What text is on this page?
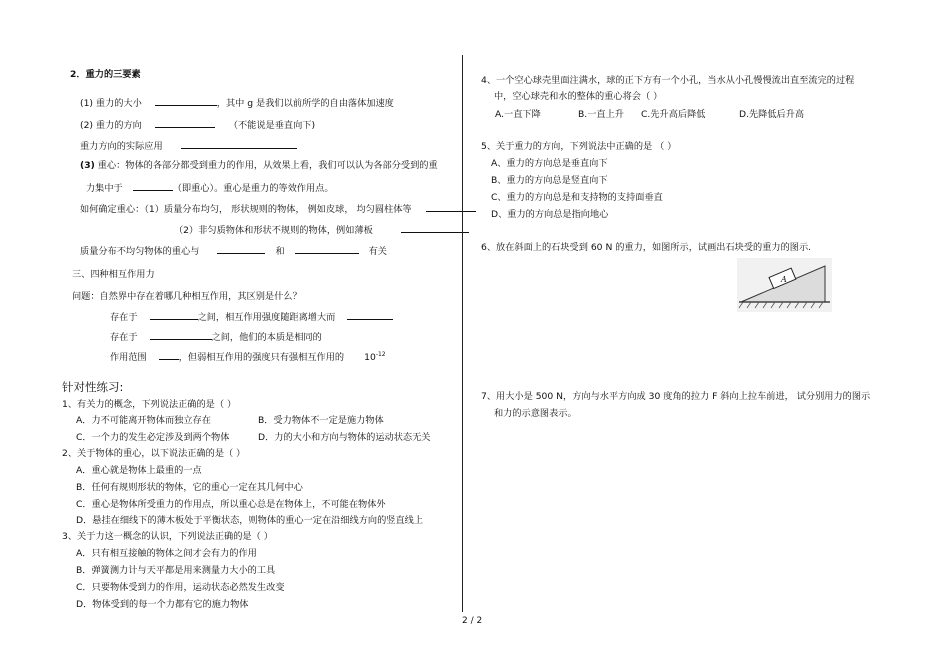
2．重力的三要素
(1) 重力的大小	，其中 g 是我们以前所学的自由落体加速度
(2) 重力的方向	（不能说是垂直向下)
重力方向的实际应用
(3) 重心：物体的各部分都受到重力的作用，从效果上看，我们可以认为各部分受到的重
力集中于	（即重心）。重心是重力的等效作用点。
如何确定重心：（1）质量分布均匀， 形状规则的物体， 例如皮球， 均匀圆柱体等
（2）非匀质物体和形状不规则的物体，例如薄板
质量分布不均匀物体的重心与	和	有关
三、四种相互作用力
问题：自然界中存在着哪几种相互作用，其区别是什么？
存在于	之间，相互作用强度随距离增大而
存在于	之间，他们的本质是相同的
作用范围	，但弱相互作用的强度只有强相互作用的 $10^{-12}$
针对性练习:
1、有关力的概念，下列说法正确的是（ ）
A．力不可能离开物体而独立存在	B．受力物体不一定是施力物体
C．一个力的发生必定涉及到两个物体	D．力的大小和方向与物体的运动状态无关
2、关于物体的重心，以下说法正确的是（ ）
A．重心就是物体上最重的一点
B．任何有规则形状的物体，它的重心一定在其几何中心
C．重心是物体所受重力的作用点，所以重心总是在物体上，不可能在物体外
D．悬挂在细线下的薄木板处于平衡状态，则物体的重心一定在沿细线方向的竖直线上
3、关于力这一概念的认识，下列说法正确的是（ ）
A．只有相互接触的物体之间才会有力的作用
B．弹簧测力计与天平都是用来测量力大小的工具
C．只要物体受到力的作用，运动状态必然发生改变
D．物体受到的每一个力都有它的施力物体
4、一个空心球壳里面注满水，球的正下方有一个小孔，当水从小孔慢慢流出直至流完的过程
中，空心球壳和水的整体的重心将会（ ）
A.一直下降	B.一直上升 C.先升高后降低	D.先降低后升高
5、关于重力的方向，下列说法中正确的是 （ ）
A、重力的方向总是垂直向下
B、重力的方向总是竖直向下
C、重力的方向总是和支持物的支持面垂直
D、重力的方向总是指向地心
6、放在斜面上的石块受到 60 N 的重力，如图所示，试画出石块受的重力的图示.
A
7、用大小是 500 N，方向与水平方向成 30 度角的拉力 F 斜向上拉车前进， 试分别用力的图示
和力的示意图表示。
2 / 2
